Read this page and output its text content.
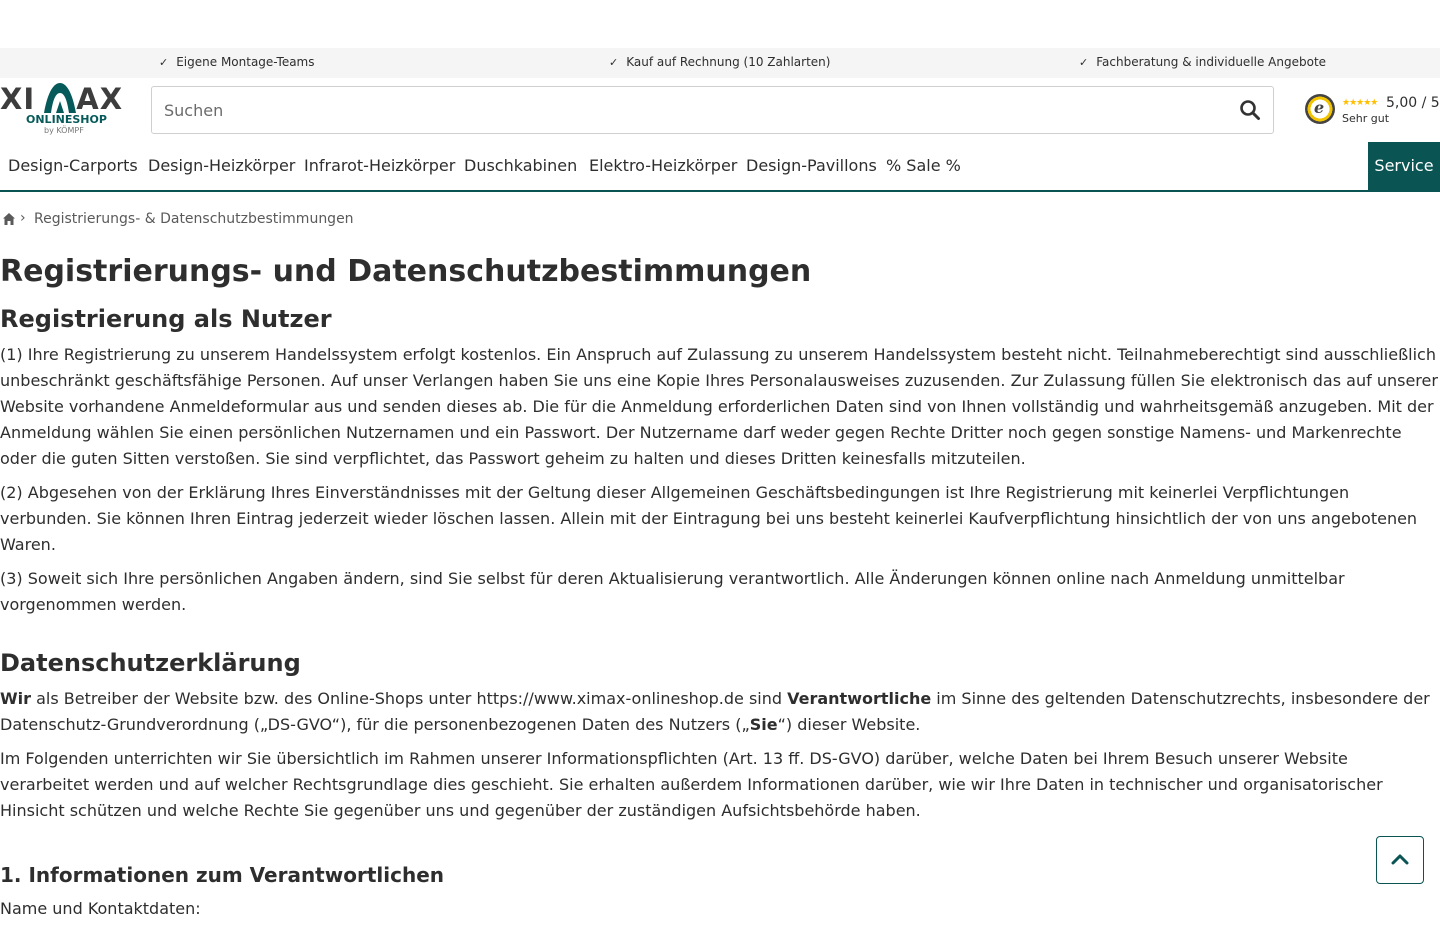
✓ Eigene Montage-Teams	✓ Kauf auf Rechnung (10 Zahlarten)	✓ Fachberatung & individuelle Angebote
XI AX
ONLINESHOP
by KÖMPF
Suchen
e ★★★★★ 5,00 / 5
Sehr gut
Design-Carports Design-Heizkörper Infrarot-Heizkörper Duschkabinen Elektro-Heizkörper Design-Pavillons % Sale %	Service
› Registrierungs- & Datenschutzbestimmungen
Registrierungs- und Datenschutzbestimmungen
Registrierung als Nutzer

(1) Ihre Registrierung zu unserem Handelssystem erfolgt kostenlos. Ein Anspruch auf Zulassung zu unserem Handelssystem besteht nicht. Teilnahmeberechtigt sind ausschließlich unbeschränkt geschäftsfähige Personen. Auf unser Verlangen haben Sie uns eine Kopie Ihres Personalausweises zuzusenden. Zur Zulassung füllen Sie elektronisch das auf unserer Website vorhandene Anmeldeformular aus und senden dieses ab. Die für die Anmeldung erforderlichen Daten sind von Ihnen vollständig und wahrheitsgemäß anzugeben. Mit der Anmeldung wählen Sie einen persönlichen Nutzernamen und ein Passwort. Der Nutzername darf weder gegen Rechte Dritter noch gegen sonstige Namens- und Markenrechte oder die guten Sitten verstoßen. Sie sind verpflichtet, das Passwort geheim zu halten und dieses Dritten keinesfalls mitzuteilen.

(2) Abgesehen von der Erklärung Ihres Einverständnisses mit der Geltung dieser Allgemeinen Geschäftsbedingungen ist Ihre Registrierung mit keinerlei Verpflichtungen verbunden. Sie können Ihren Eintrag jederzeit wieder löschen lassen. Allein mit der Eintragung bei uns besteht keinerlei Kaufverpflichtung hinsichtlich der von uns angebotenen Waren.

(3) Soweit sich Ihre persönlichen Angaben ändern, sind Sie selbst für deren Aktualisierung verantwortlich. Alle Änderungen können online nach Anmeldung unmittelbar vorgenommen werden.

Datenschutzerklärung

Wir als Betreiber der Website bzw. des Online-Shops unter https://www.ximax-onlineshop.de sind Verantwortliche im Sinne des geltenden Datenschutzrechts, insbesondere der Datenschutz-Grundverordnung („DS-GVO“), für die personenbezogenen Daten des Nutzers („Sie“) dieser Website.

Im Folgenden unterrichten wir Sie übersichtlich im Rahmen unserer Informationspflichten (Art. 13 ff. DS-GVO) darüber, welche Daten bei Ihrem Besuch unserer Website verarbeitet werden und auf welcher Rechtsgrundlage dies geschieht. Sie erhalten außerdem Informationen darüber, wie wir Ihre Daten in technischer und organisatorischer Hinsicht schützen und welche Rechte Sie gegenüber uns und gegenüber der zuständigen Aufsichtsbehörde haben.

1. Informationen zum Verantwortlichen

Name und Kontaktdaten:
